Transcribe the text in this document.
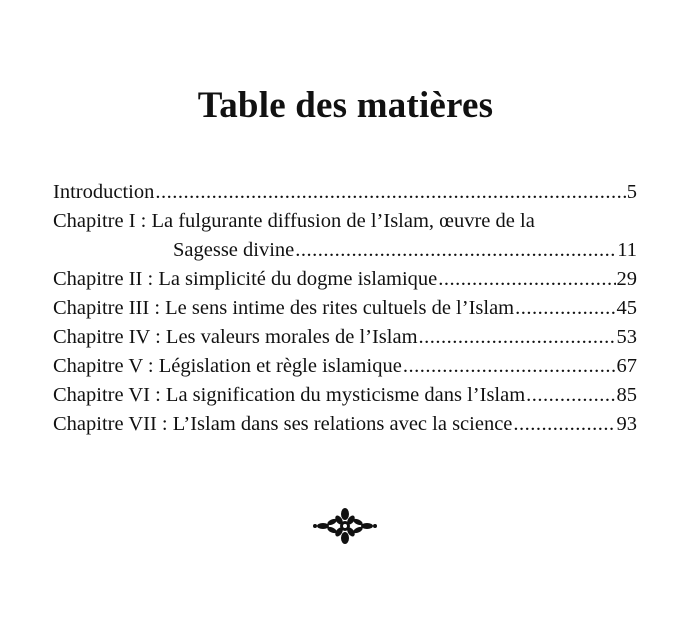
Table des matières
Introduction .....	5
Chapitre I : La fulgurante diffusion de l’Islam, œuvre de la
Sagesse divine .....	11
Chapitre II : La simplicité du dogme islamique .....	29
Chapitre III : Le sens intime des rites cultuels de l’Islam .....	45
Chapitre IV : Les valeurs morales de l’Islam .....	53
Chapitre V : Législation et règle islamique .....	67
Chapitre VI : La signification du mysticisme dans l’Islam .....	85
Chapitre VII : L’Islam dans ses relations avec la science .....	93
